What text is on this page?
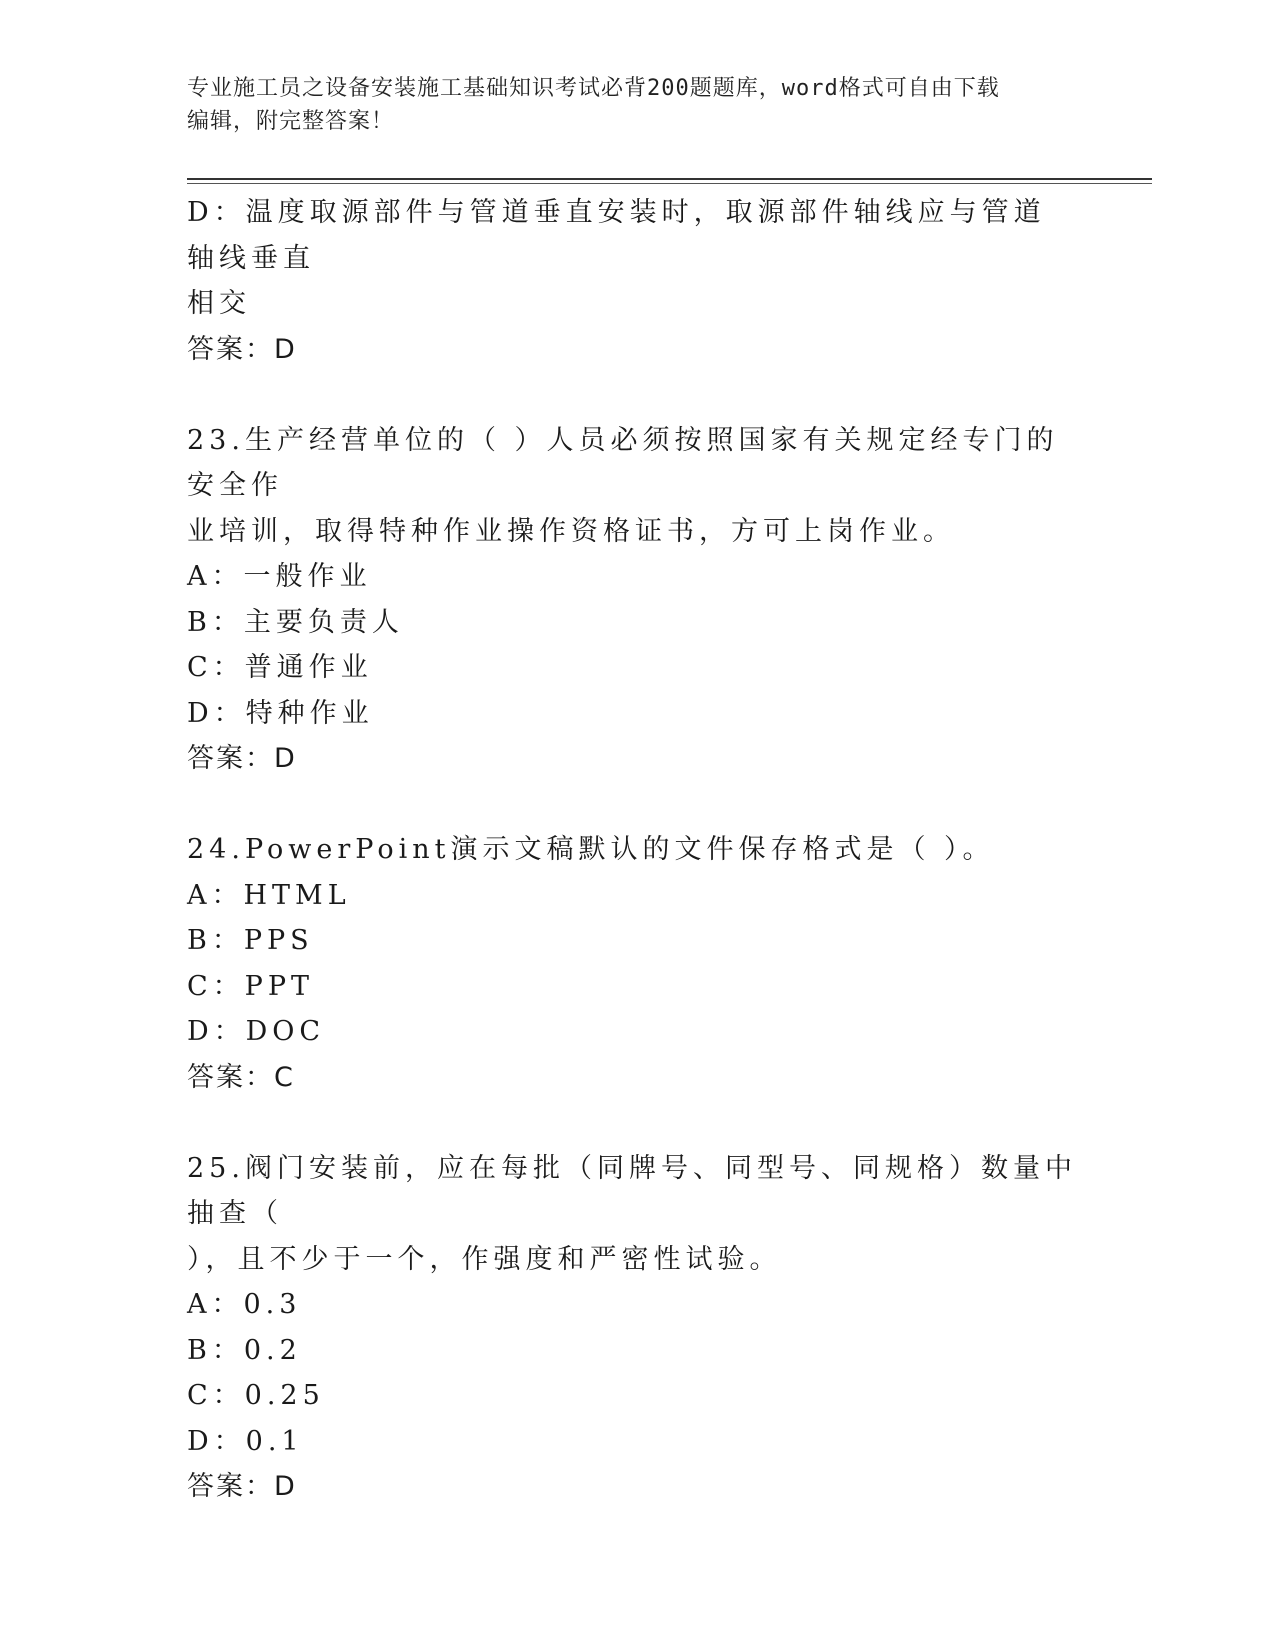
专业施工员之设备安装施工基础知识考试必背200题题库，word格式可自由下载
编辑，附完整答案！
D：温度取源部件与管道垂直安装时，取源部件轴线应与管道轴线垂直
相交
答案：D
23.生产经营单位的（ ）人员必须按照国家有关规定经专门的安全作
业培训，取得特种作业操作资格证书，方可上岗作业。
A：一般作业
B：主要负责人
C：普通作业
D：特种作业
答案：D
24.PowerPoint演示文稿默认的文件保存格式是（ ）。
A：HTML
B：PPS
C：PPT
D：DOC
答案：C
25.阀门安装前，应在每批（同牌号、同型号、同规格）数量中抽查（
），且不少于一个，作强度和严密性试验。
A：0.3
B：0.2
C：0.25
D：0.1
答案：D
